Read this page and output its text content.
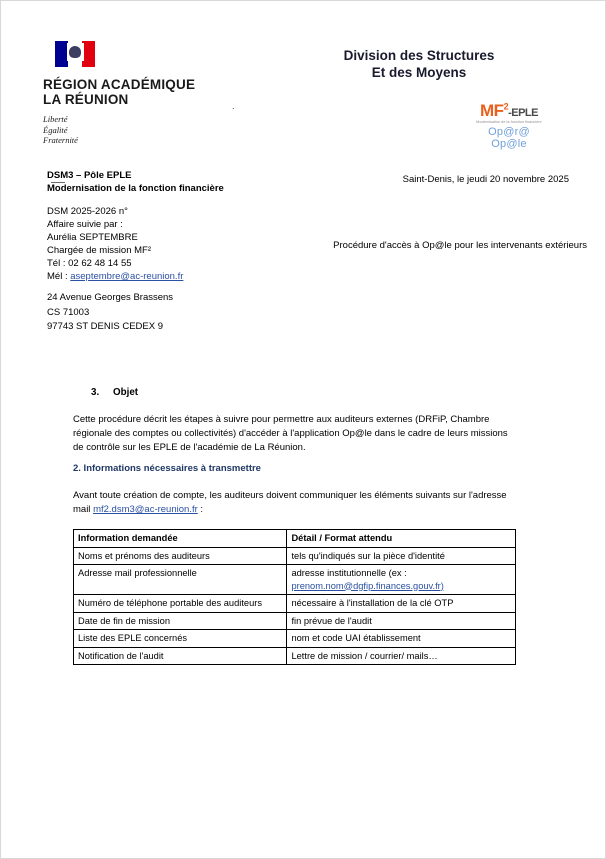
RÉGION ACADÉMIQUE
LA RÉUNION
Liberté
Égalité
Fraternité
.
Division des Structures
Et des Moyens
$MF^2$-EPLE
Modernisation de la fonction financière
Op@r@
Op@le
DSM3 – Pôle EPLE
Modernisation de la fonction financière
DSM 2025-2026 n°
Affaire suivie par :
Aurélia SEPTEMBRE
Chargée de mission MF²
Tél : 02 62 48 14 55
Mél : aseptembre@ac-reunion.fr
24 Avenue Georges Brassens
CS 71003
97743 ST DENIS CEDEX 9
Saint-Denis, le jeudi 20 novembre 2025
Procédure d'accès à Op@le pour les intervenants extérieurs
3. Objet
Cette procédure décrit les étapes à suivre pour permettre aux auditeurs externes (DRFiP, Chambre régionale des comptes ou collectivités) d'accéder à l'application Op@le dans le cadre de leurs missions de contrôle sur les EPLE de l'académie de La Réunion.
2. Informations nécessaires à transmettre
Avant toute création de compte, les auditeurs doivent communiquer les éléments suivants sur l'adresse mail mf2.dsm3@ac-reunion.fr :
Information demandée	Détail / Format attendu
Noms et prénoms des auditeurs	tels qu'indiqués sur la pièce d'identité
Adresse mail professionnelle	adresse institutionnelle (ex :
prenom.nom@dgfip.finances.gouv.fr)
Numéro de téléphone portable des auditeurs	nécessaire à l'installation de la clé OTP
Date de fin de mission	fin prévue de l'audit
Liste des EPLE concernés	nom et code UAI établissement
Notification de l'audit	Lettre de mission / courrier/ mails…
